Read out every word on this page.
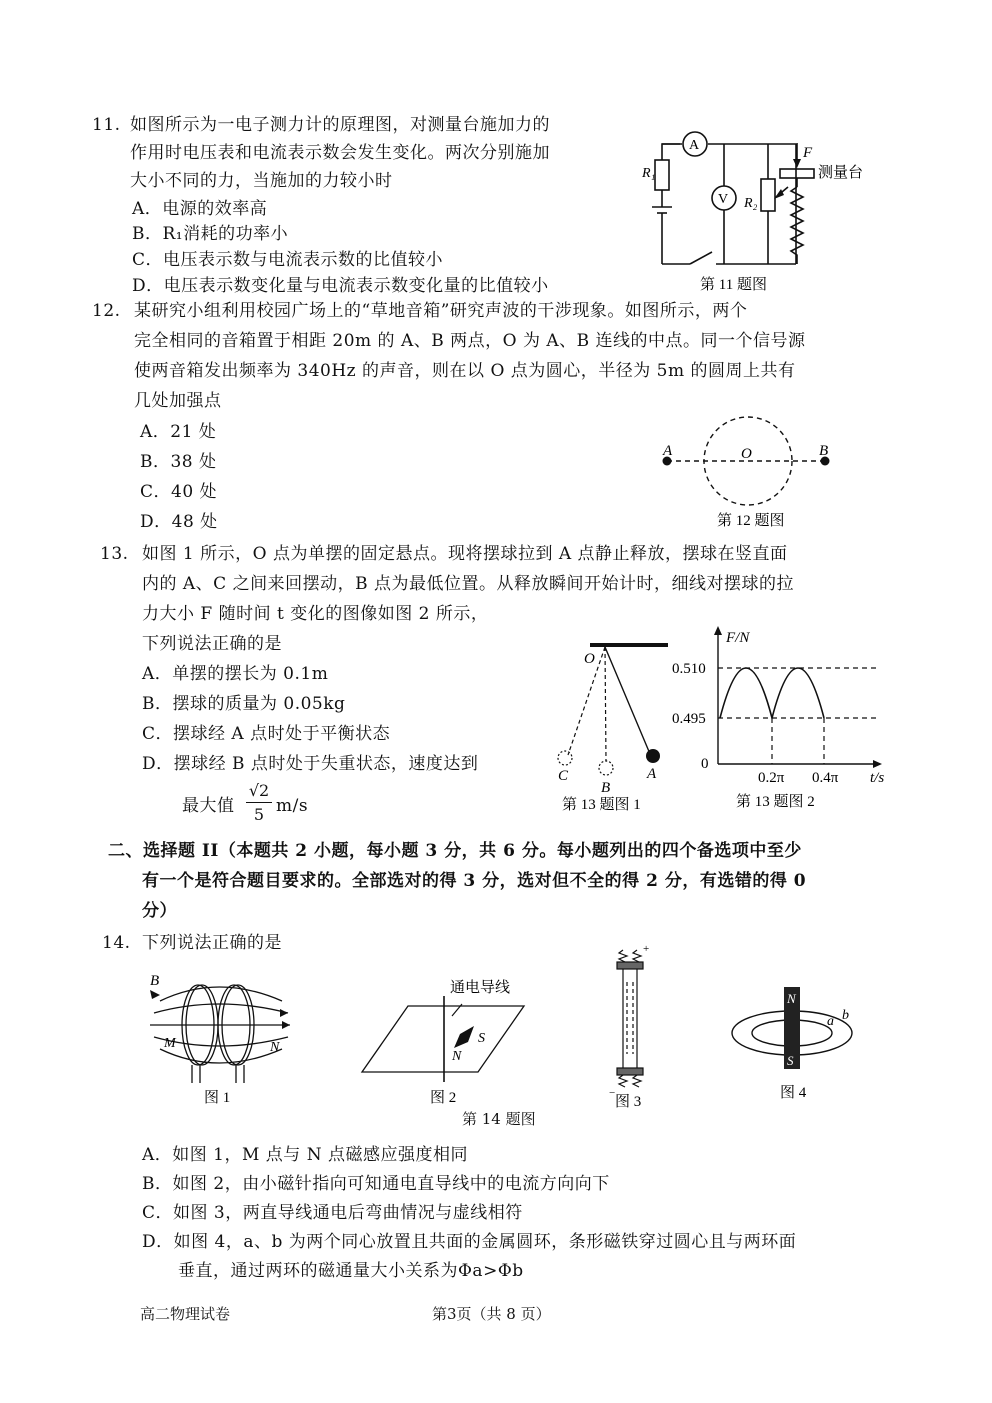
11. 如图所示为一电子测力计的原理图，对测量台施加力的
作用时电压表和电流表示数会发生变化。两次分别施加
大小不同的力，当施加的力较小时
A．电源的效率高
B．R₁消耗的功率小
C．电压表示数与电流表示数的比值较小
D．电压表示数变化量与电流表示数变化量的比值较小
A
V
R₁
R₂
F
测量台
第 11 题图
12. 某研究小组利用校园广场上的“草地音箱”研究声波的干涉现象。如图所示，两个
完全相同的音箱置于相距 20m 的 A、B 两点，O 为 A、B 连线的中点。同一个信号源
使两音箱发出频率为 340Hz 的声音，则在以 O 点为圆心，半径为 5m 的圆周上共有
几处加强点
A．21 处
B．38 处
C．40 处
D．48 处
A	O	B
第 12 题图
13. 如图 1 所示，O 点为单摆的固定悬点。现将摆球拉到 A 点静止释放，摆球在竖直面
内的 A、C 之间来回摆动，B 点为最低位置。从释放瞬间开始计时，细线对摆球的拉
力大小 F 随时间 t 变化的图像如图 2 所示，
下列说法正确的是
A．单摆的摆长为 0.1m
B．摆球的质量为 0.05kg
C．摆球经 A 点时处于平衡状态
D．摆球经 B 点时处于失重状态，速度达到
最大值 $\frac{√2}{5} m/s$
O
C
B
A
第 13 题图 1
F/N
0.510
0.495
0
0.2π 0.4π t/s
第 13 题图 2
二、选择题 II（本题共 2 小题，每小题 3 分，共 6 分。每小题列出的四个备选项中至少
有一个是符合题目要求的。全部选对的得 3 分，选对但不全的得 2 分，有选错的得 0
分）
14. 下列说法正确的是
B
M	N
图 1
通电导线
S
N
图 2
+
−
图 3
N
S
a b
图 4
第 14 题图
A．如图 1，M 点与 N 点磁感应强度相同
B．如图 2，由小磁针指向可知通电直导线中的电流方向向下
C．如图 3，两直导线通电后弯曲情况与虚线相符
D．如图 4，a、b 为两个同心放置且共面的金属圆环，条形磁铁穿过圆心且与两环面
垂直，通过两环的磁通量大小关系为Φa>Φb
高二物理试卷	第3页（共 8 页）
